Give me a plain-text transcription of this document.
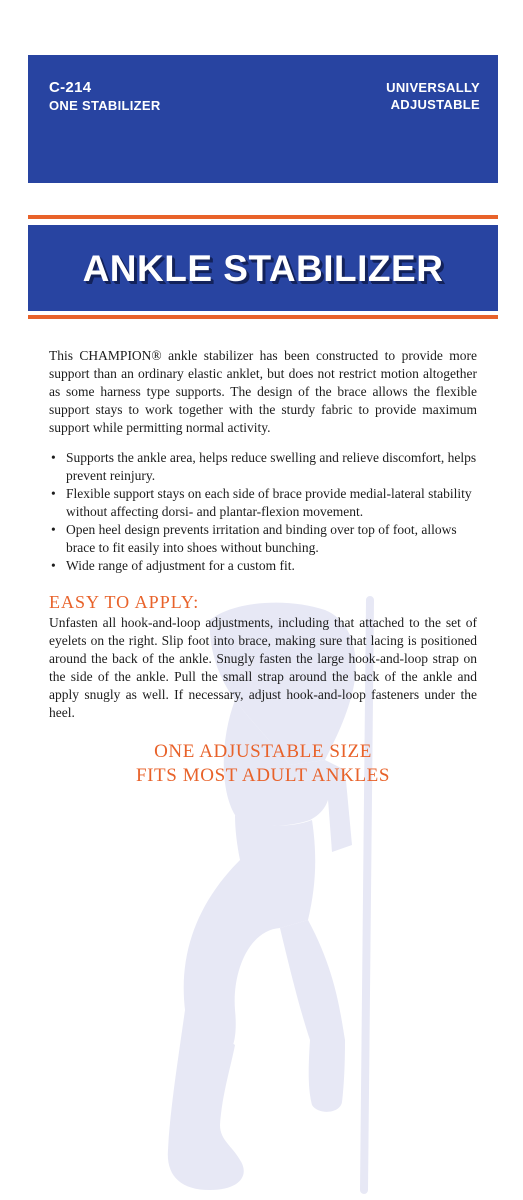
C-214
ONE STABILIZER
UNIVERSALLY
ADJUSTABLE
ANKLE STABILIZER

This CHAMPION® ankle stabilizer has been constructed to provide more support than an ordinary elastic anklet, but does not restrict motion altogether as some harness type supports. The design of the brace allows the flexible support stays to work together with the sturdy fabric to provide maximum support while permitting normal activity.

• Supports the ankle area, helps reduce swelling and relieve discomfort, helps prevent reinjury.
• Flexible support stays on each side of brace provide medial-lateral stability without affecting dorsi- and plantar-flexion movement.
• Open heel design prevents irritation and binding over top of foot, allows brace to fit easily into shoes without bunching.
• Wide range of adjustment for a custom fit.
EASY TO APPLY:

Unfasten all hook-and-loop adjustments, including that attached to the set of eyelets on the right. Slip foot into brace, making sure that lacing is positioned around the back of the ankle. Snugly fasten the large hook-and-loop strap on the side of the ankle. Pull the small strap around the back of the ankle and apply snugly as well. If necessary, adjust hook-and-loop fasteners under the heel.

ONE ADJUSTABLE SIZE
FITS MOST ADULT ANKLES
